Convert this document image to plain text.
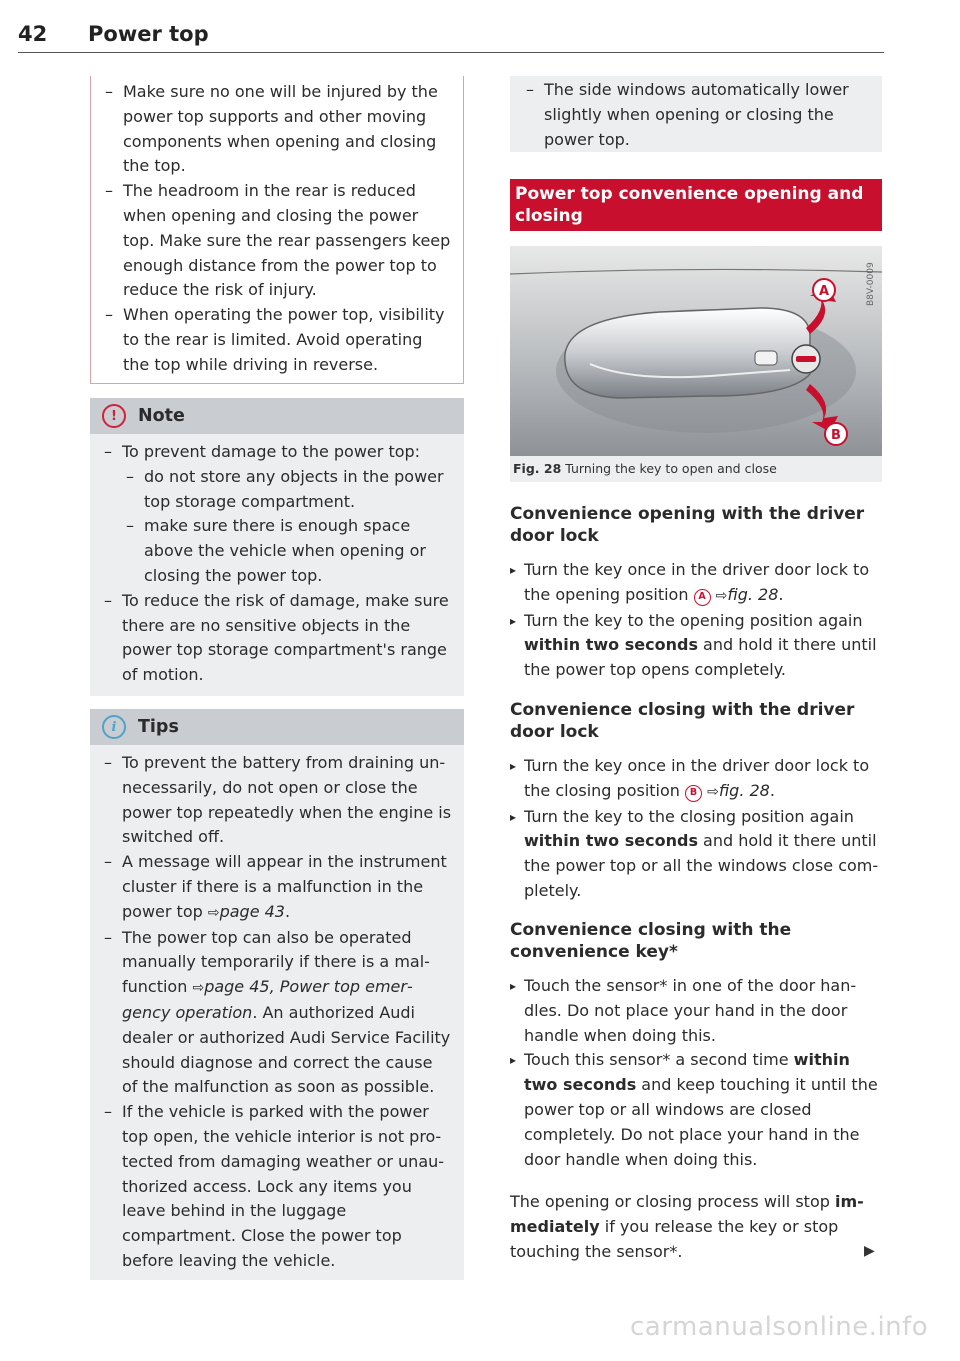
42 Power top
– Make sure no one will be injured by the power top supports and other moving components when opening and closing the top.
– The headroom in the rear is reduced when opening and closing the power top. Make sure the rear passengers keep enough distance from the power top to reduce the risk of injury.
– When operating the power top, visibility to the rear is limited. Avoid operating the top while driving in reverse.
!	Note
– To prevent damage to the power top:
– do not store any objects in the power top storage compartment.
– make sure there is enough space above the vehicle when opening or closing the power top.
– To reduce the risk of damage, make sure there are no sensitive objects in the power top storage compartment's range of motion.
i	Tips
– To prevent the battery from draining unnecessarily, do not open or close the power top repeatedly when the engine is switched off.
– A message will appear in the instrument cluster if there is a malfunction in the power top ⇨page 43.
– The power top can also be operated manually temporarily if there is a malfunction ⇨page 45, Power top emergency operation. An authorized Audi dealer or authorized Audi Service Facility should diagnose and correct the cause of the malfunction as soon as possible.
– If the vehicle is parked with the power top open, the vehicle interior is not protected from damaging weather or unauthorized access. Lock any items you leave behind in the luggage compartment. Close the power top before leaving the vehicle.
– The side windows automatically lower slightly when opening or closing the power top.
Power top convenience opening and closing
A
B
B8V-0009
Fig. 28 Turning the key to open and close
Convenience opening with the driver door lock
▸ Turn the key once in the driver door lock to the opening position A ⇨fig. 28.
▸ Turn the key to the opening position again within two seconds and hold it there until the power top opens completely.
Convenience closing with the driver door lock
▸ Turn the key once in the driver door lock to the closing position B ⇨fig. 28.
▸ Turn the key to the closing position again within two seconds and hold it there until the power top or all the windows close completely.
Convenience closing with the convenience key*
▸ Touch the sensor* in one of the door handles. Do not place your hand in the door handle when doing this.
▸ Touch this sensor* a second time within two seconds and keep touching it until the power top or all windows are closed completely. Do not place your hand in the door handle when doing this.
The opening or closing process will stop immediately if you release the key or stop touching the sensor*.	▶
carmanualsonline.info
